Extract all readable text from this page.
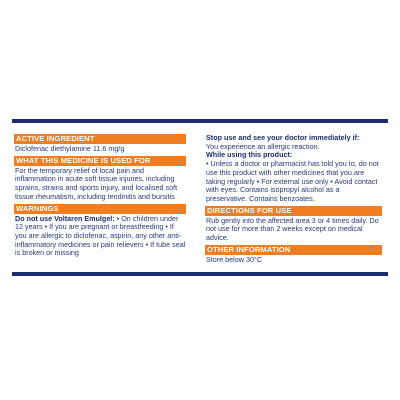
ACTIVE INGREDIENT
Diclofenac diethylamine 11.6 mg/g
WHAT THIS MEDICINE IS USED FOR
For the temporary relief of local pain and inflammation in acute soft tissue injuries, including sprains, strains and sports injury, and localised soft tissue rheumatism, including tendinitis and bursitis
WARNINGS
Do not use Voltaren Emulgel: • On children under 12 years • If you are pregnant or breastfeeding • If you are allergic to diclofenac, aspirin, any other anti-inflammatory medicines or pain relievers • If tube seal is broken or missing
Stop use and see your doctor immediately if:
You experience an allergic reaction.
While using this product:
• Unless a doctor or pharmacist has told you to, do not use this product with other medicines that you are taking regularly • For external use only • Avoid contact with eyes. Contains isopropyl alcohol as a preservative. Contains benzoates.
DIRECTIONS FOR USE
Rub gently into the affected area 3 or 4 times daily. Do not use for more than 2 weeks except on medical advice.
OTHER INFORMATION
Store below 30°C
